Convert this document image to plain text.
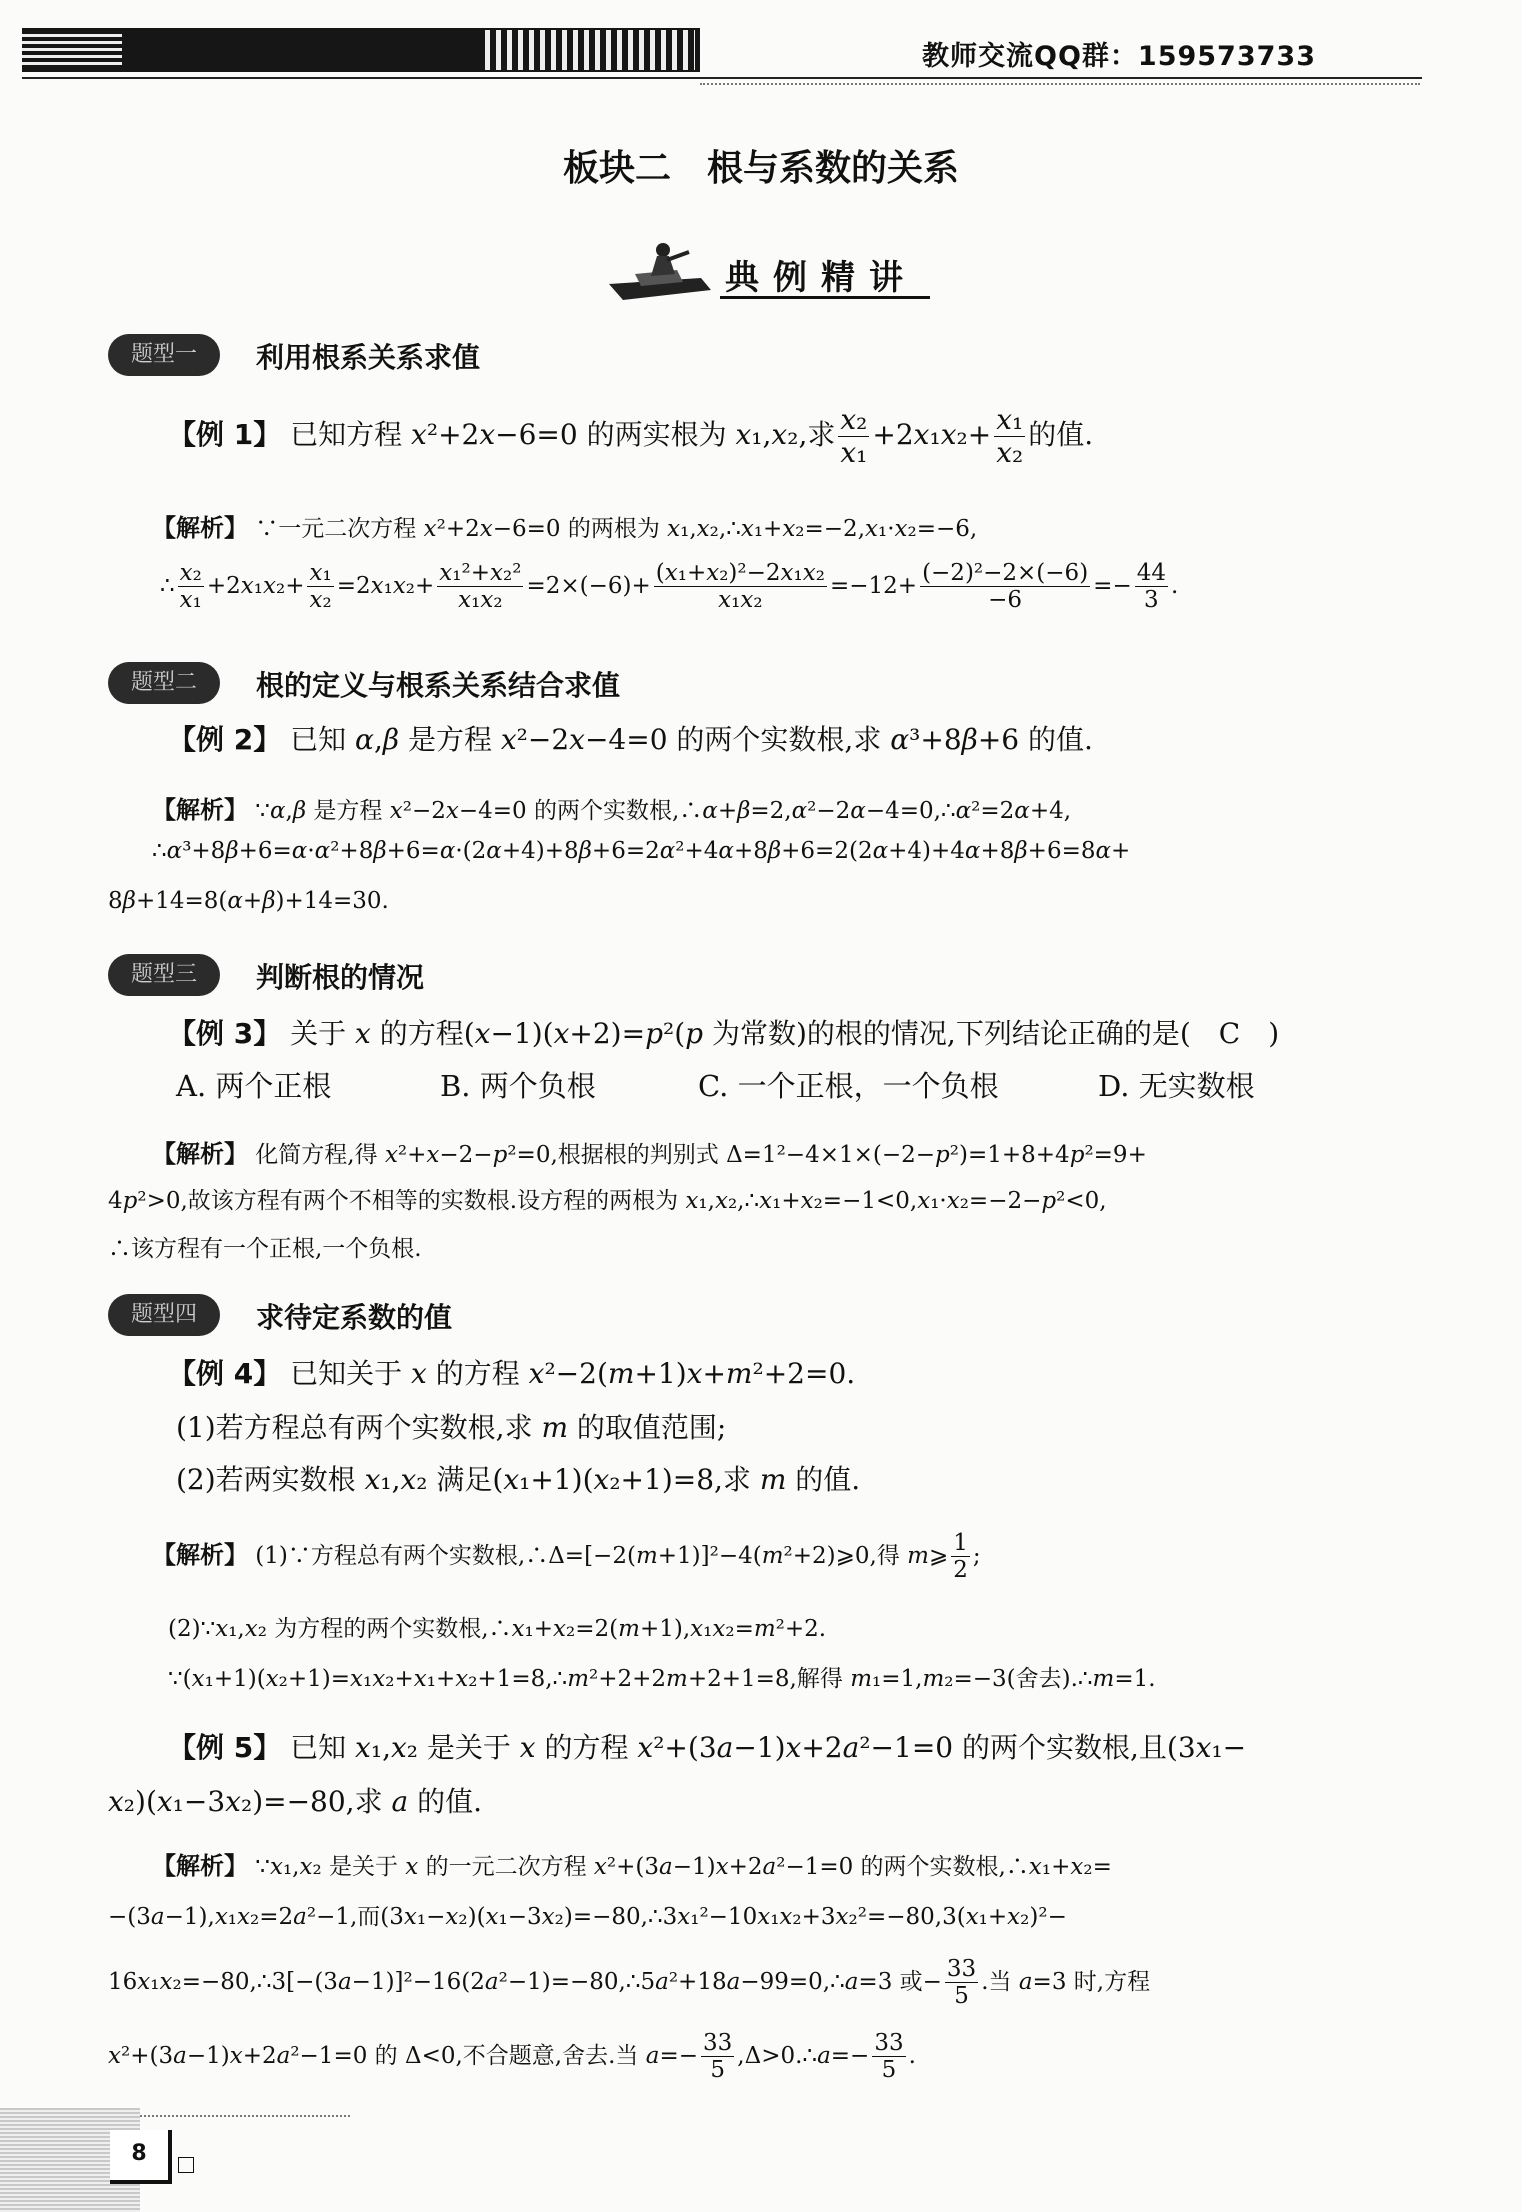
教师交流QQ群：159573733
板块二　根与系数的关系
典例精讲
题型一	利用根系关系求值
【例 1】 已知方程 x²+2x−6=0 的两实根为 x₁,x₂,求 $\frac{\text{x₂}}{\text{x₁}} +2x_1x_2+ \frac{\text{x₁}}{\text{x₂}}$ 的值.
【解析】 ∵一元二次方程 x²+2x−6=0 的两根为 x₁,x₂,∴x₁+x₂=−2,x₁·x₂=−6,
∴ $\frac{\text{x₂}}{\text{x₁}} +2x_1x_2+ \frac{\text{x₁}}{\text{x₂}} =2x_1x_2+ \frac{\text{x₁²+x₂²}}{\text{x₁x₂}} =2\times(-6)+ \frac{\text{(x₁+x₂)²−2x₁x₂}}{\text{x₁x₂}} =-12+ \frac{\text{(−2)²−2×(−6)}}{-6} =- \frac{44}{3}$ .
题型二	根的定义与根系关系结合求值
【例 2】 已知 α,β 是方程 x²−2x−4=0 的两个实数根,求 α³+8β+6 的值.
【解析】 ∵α,β 是方程 x²−2x−4=0 的两个实数根,∴α+β=2,α²−2α−4=0,∴α²=2α+4,
∴α³+8β+6=α·α²+8β+6=α·(2α+4)+8β+6=2α²+4α+8β+6=2(2α+4)+4α+8β+6=8α+
8β+14=8(α+β)+14=30.
题型三	判断根的情况
【例 3】 关于 x 的方程(x−1)(x+2)=p²(p 为常数)的根的情况,下列结论正确的是(　C　)
A. 两个正根	B. 两个负根	C. 一个正根，一个负根	D. 无实数根
【解析】 化简方程,得 x²+x−2−p²=0,根据根的判别式 Δ=1²−4×1×(−2−p²)=1+8+4p²=9+
4p²>0,故该方程有两个不相等的实数根.设方程的两根为 x₁,x₂,∴x₁+x₂=−1<0,x₁·x₂=−2−p²<0,
∴该方程有一个正根,一个负根.
题型四	求待定系数的值
【例 4】 已知关于 x 的方程 x²−2(m+1)x+m²+2=0.
(1)若方程总有两个实数根,求 m 的取值范围;
(2)若两实数根 x₁,x₂ 满足(x₁+1)(x₂+1)=8,求 m 的值.
【解析】 (1)∵方程总有两个实数根,∴Δ=[−2(m+1)]²−4(m²+2)⩾0,得 m⩾ $\frac{1}{2}$ ;
(2)∵x₁,x₂ 为方程的两个实数根,∴x₁+x₂=2(m+1),x₁x₂=m²+2.
∵(x₁+1)(x₂+1)=x₁x₂+x₁+x₂+1=8,∴m²+2+2m+2+1=8,解得 m₁=1,m₂=−3(舍去).∴m=1.
【例 5】 已知 x₁,x₂ 是关于 x 的方程 x²+(3a−1)x+2a²−1=0 的两个实数根,且(3x₁−
x₂)(x₁−3x₂)=−80,求 a 的值.
【解析】 ∵x₁,x₂ 是关于 x 的一元二次方程 x²+(3a−1)x+2a²−1=0 的两个实数根,∴x₁+x₂=
−(3a−1),x₁x₂=2a²−1,而(3x₁−x₂)(x₁−3x₂)=−80,∴3x₁²−10x₁x₂+3x₂²=−80,3(x₁+x₂)²−
16x₁x₂=−80,∴3[−(3a−1)]²−16(2a²−1)=−80,∴5a²+18a−99=0,∴a=3 或− $\frac{33}{5}$ .当 a=3 时,方程
x²+(3a−1)x+2a²−1=0 的 Δ<0,不合题意,舍去.当 $a=- \frac{33}{5}$ ,Δ>0.∴a=− $\frac{33}{5}$ .
8
